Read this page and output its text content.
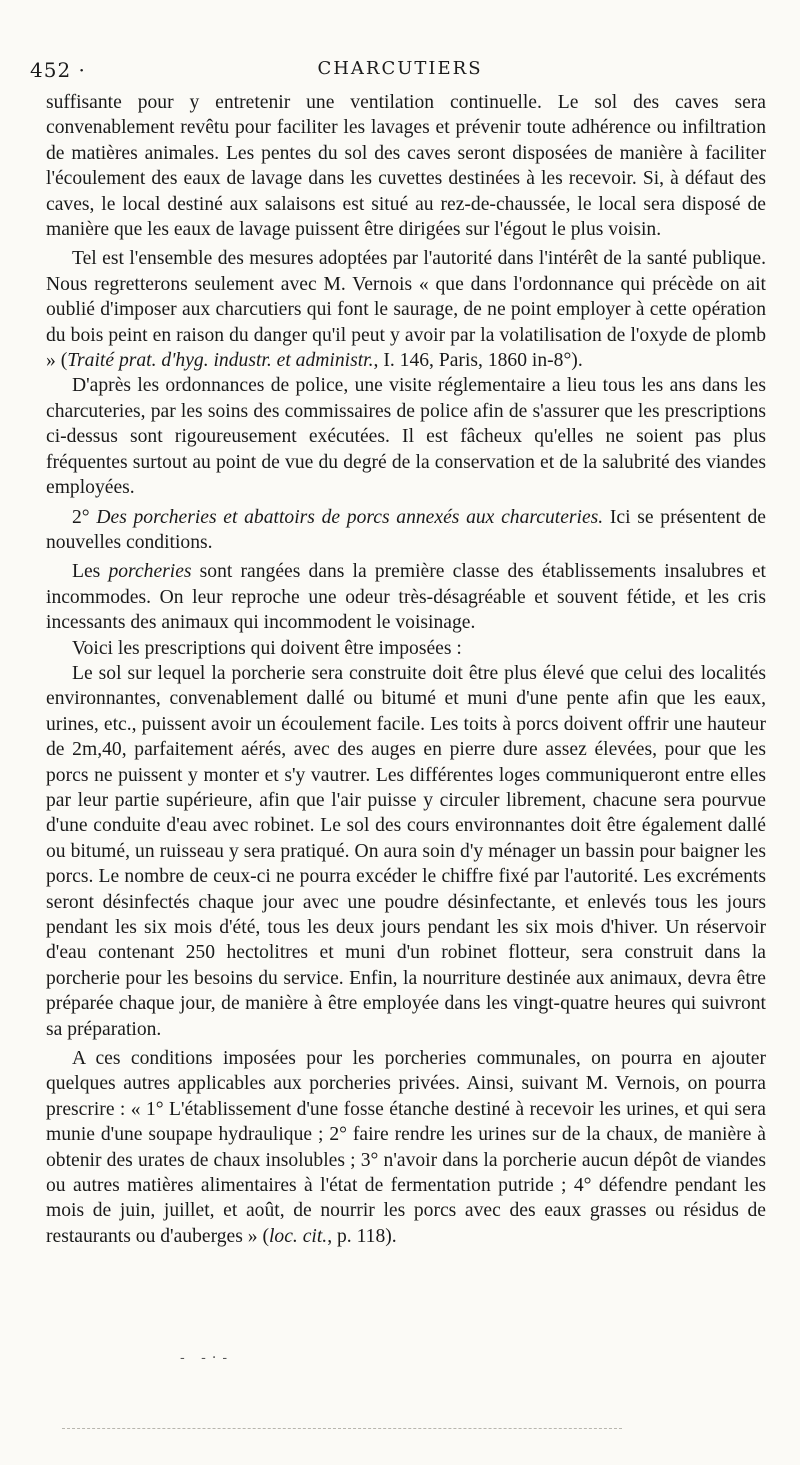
452 ·	CHARCUTIERS

suffisante pour y entretenir une ventilation continuelle. Le sol des caves sera convenablement revêtu pour faciliter les lavages et prévenir toute adhérence ou infiltration de matières animales. Les pentes du sol des caves seront disposées de manière à faciliter l'écoulement des eaux de lavage dans les cuvettes destinées à les recevoir. Si, à défaut des caves, le local destiné aux salaisons est situé au rez-de-chaussée, le local sera disposé de manière que les eaux de lavage puissent être dirigées sur l'égout le plus voisin.

Tel est l'ensemble des mesures adoptées par l'autorité dans l'intérêt de la santé publique. Nous regretterons seulement avec M. Vernois « que dans l'ordonnance qui précède on ait oublié d'imposer aux charcutiers qui font le saurage, de ne point employer à cette opération du bois peint en raison du danger qu'il peut y avoir par la volatilisation de l'oxyde de plomb » (Traité prat. d'hyg. industr. et administr., I. 146, Paris, 1860 in-8°).

D'après les ordonnances de police, une visite réglementaire a lieu tous les ans dans les charcuteries, par les soins des commissaires de police afin de s'assurer que les prescriptions ci-dessus sont rigoureusement exécutées. Il est fâcheux qu'elles ne soient pas plus fréquentes surtout au point de vue du degré de la conservation et de la salubrité des viandes employées.

2° Des porcheries et abattoirs de porcs annexés aux charcuteries. Ici se présentent de nouvelles conditions.

Les porcheries sont rangées dans la première classe des établissements insalubres et incommodes. On leur reproche une odeur très-désagréable et souvent fétide, et les cris incessants des animaux qui incommodent le voisinage.

Voici les prescriptions qui doivent être imposées :

Le sol sur lequel la porcherie sera construite doit être plus élevé que celui des localités environnantes, convenablement dallé ou bitumé et muni d'une pente afin que les eaux, urines, etc., puissent avoir un écoulement facile. Les toits à porcs doivent offrir une hauteur de 2m,40, parfaitement aérés, avec des auges en pierre dure assez élevées, pour que les porcs ne puissent y monter et s'y vautrer. Les différentes loges communiqueront entre elles par leur partie supérieure, afin que l'air puisse y circuler librement, chacune sera pourvue d'une conduite d'eau avec robinet. Le sol des cours environnantes doit être également dallé ou bitumé, un ruisseau y sera pratiqué. On aura soin d'y ménager un bassin pour baigner les porcs. Le nombre de ceux-ci ne pourra excéder le chiffre fixé par l'autorité. Les excréments seront désinfectés chaque jour avec une poudre désinfectante, et enlevés tous les jours pendant les six mois d'été, tous les deux jours pendant les six mois d'hiver. Un réservoir d'eau contenant 250 hectolitres et muni d'un robinet flotteur, sera construit dans la porcherie pour les besoins du service. Enfin, la nourriture destinée aux animaux, devra être préparée chaque jour, de manière à être employée dans les vingt-quatre heures qui suivront sa préparation.

A ces conditions imposées pour les porcheries communales, on pourra en ajouter quelques autres applicables aux porcheries privées. Ainsi, suivant M. Vernois, on pourra prescrire : « 1° L'établissement d'une fosse étanche destiné à recevoir les urines, et qui sera munie d'une soupape hydraulique ; 2° faire rendre les urines sur de la chaux, de manière à obtenir des urates de chaux insolubles ; 3° n'avoir dans la porcherie aucun dépôt de viandes ou autres matières alimentaires à l'état de fermentation putride ; 4° défendre pendant les mois de juin, juillet, et août, de nourrir les porcs avec des eaux grasses ou résidus de restaurants ou d'auberges » (loc. cit., p. 118).

- -·-
